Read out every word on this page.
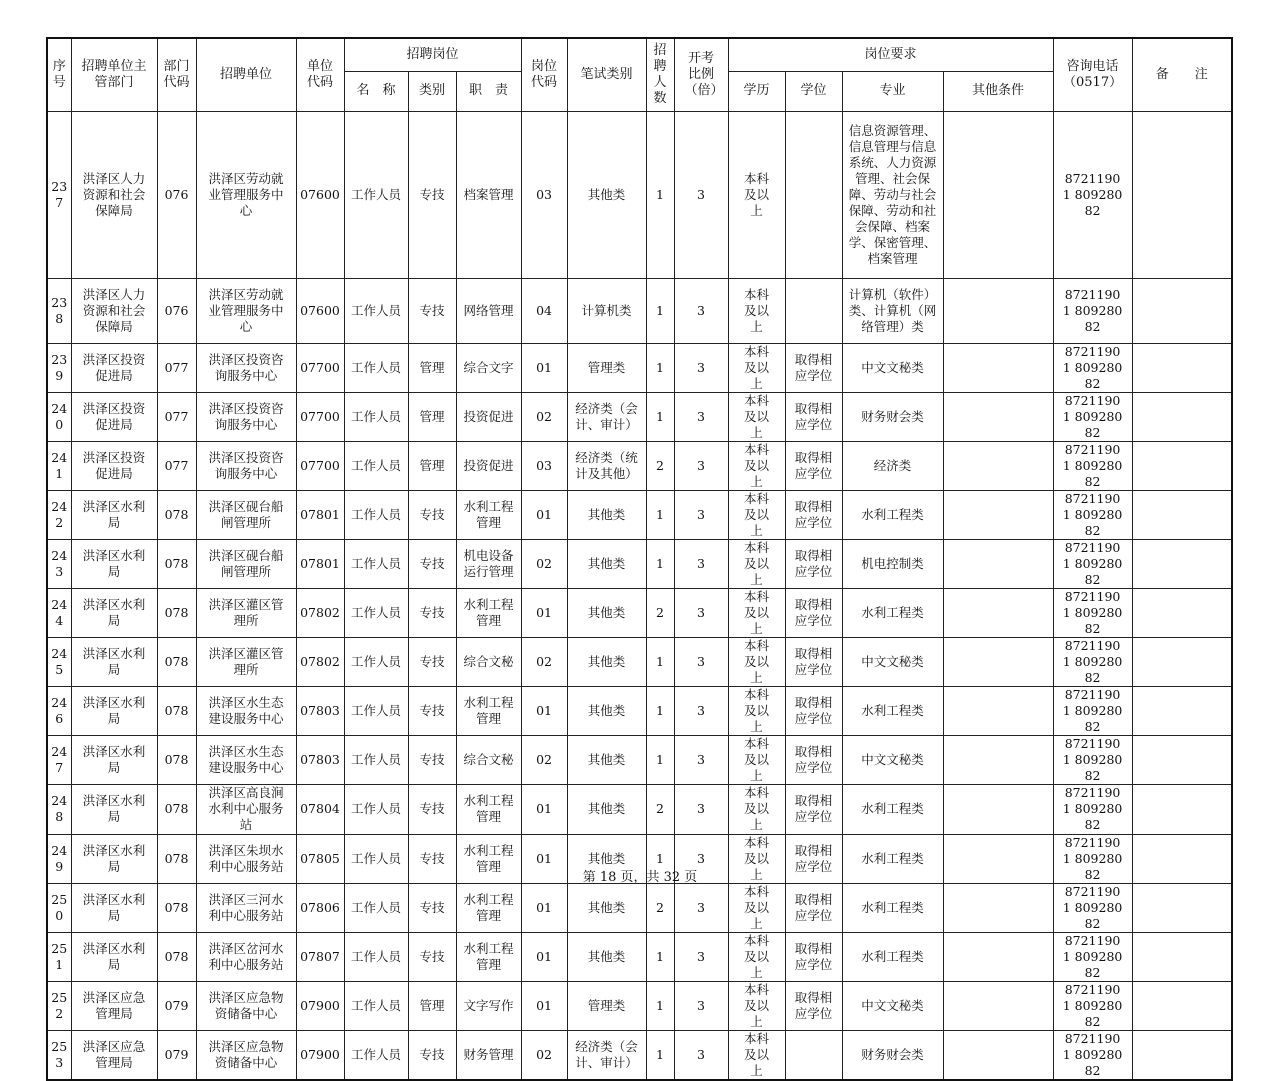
序号	招聘单位主管部门	部门代码	招聘单位	单位代码	招聘岗位			岗位代码	笔试类别	招聘人数	开考比例（倍）	岗位要求				咨询电话（0517）	备　　注
					名　称	类别	职　责					学历	学位	专业	其他条件		
237	洪泽区人力资源和社会保障局	076	洪泽区劳动就业管理服务中心	07600	工作人员	专技	档案管理	03	其他类	1	3	本科及以上		信息资源管理、信息管理与信息系统、人力资源管理、社会保障、劳动与社会保障、劳动和社会保障、档案学、保密管理、档案管理		87211901 80928082	
238	洪泽区人力资源和社会保障局	076	洪泽区劳动就业管理服务中心	07600	工作人员	专技	网络管理	04	计算机类	1	3	本科及以上		计算机（软件）类、计算机（网络管理）类		87211901 80928082	
239	洪泽区投资促进局	077	洪泽区投资咨询服务中心	07700	工作人员	管理	综合文字	01	管理类	1	3	本科及以上	取得相应学位	中文文秘类		87211901 80928082	
240	洪泽区投资促进局	077	洪泽区投资咨询服务中心	07700	工作人员	管理	投资促进	02	经济类（会计、审计）	1	3	本科及以上	取得相应学位	财务财会类		87211901 80928082	
241	洪泽区投资促进局	077	洪泽区投资咨询服务中心	07700	工作人员	管理	投资促进	03	经济类（统计及其他）	2	3	本科及以上	取得相应学位	经济类		87211901 80928082	
242	洪泽区水利局	078	洪泽区砚台船闸管理所	07801	工作人员	专技	水利工程管理	01	其他类	1	3	本科及以上	取得相应学位	水利工程类		87211901 80928082	
243	洪泽区水利局	078	洪泽区砚台船闸管理所	07801	工作人员	专技	机电设备运行管理	02	其他类	1	3	本科及以上	取得相应学位	机电控制类		87211901 80928082	
244	洪泽区水利局	078	洪泽区灌区管理所	07802	工作人员	专技	水利工程管理	01	其他类	2	3	本科及以上	取得相应学位	水利工程类		87211901 80928082	
245	洪泽区水利局	078	洪泽区灌区管理所	07802	工作人员	专技	综合文秘	02	其他类	1	3	本科及以上	取得相应学位	中文文秘类		87211901 80928082	
246	洪泽区水利局	078	洪泽区水生态建设服务中心	07803	工作人员	专技	水利工程管理	01	其他类	1	3	本科及以上	取得相应学位	水利工程类		87211901 80928082	
247	洪泽区水利局	078	洪泽区水生态建设服务中心	07803	工作人员	专技	综合文秘	02	其他类	1	3	本科及以上	取得相应学位	中文文秘类		87211901 80928082	
248	洪泽区水利局	078	洪泽区高良涧水利中心服务站	07804	工作人员	专技	水利工程管理	01	其他类	2	3	本科及以上	取得相应学位	水利工程类		87211901 80928082	
249	洪泽区水利局	078	洪泽区朱坝水利中心服务站	07805	工作人员	专技	水利工程管理	01	其他类	1	3	本科及以上	取得相应学位	水利工程类		87211901 80928082	
250	洪泽区水利局	078	洪泽区三河水利中心服务站	07806	工作人员	专技	水利工程管理	01	其他类	2	3	本科及以上	取得相应学位	水利工程类		87211901 80928082	
251	洪泽区水利局	078	洪泽区岔河水利中心服务站	07807	工作人员	专技	水利工程管理	01	其他类	1	3	本科及以上	取得相应学位	水利工程类		87211901 80928082	
252	洪泽区应急管理局	079	洪泽区应急物资储备中心	07900	工作人员	管理	文字写作	01	管理类	1	3	本科及以上	取得相应学位	中文文秘类		87211901 80928082	
253	洪泽区应急管理局	079	洪泽区应急物资储备中心	07900	工作人员	专技	财务管理	02	经济类（会计、审计）	1	3	本科及以上		财务财会类		87211901 80928082	
第 18 页，共 32 页
